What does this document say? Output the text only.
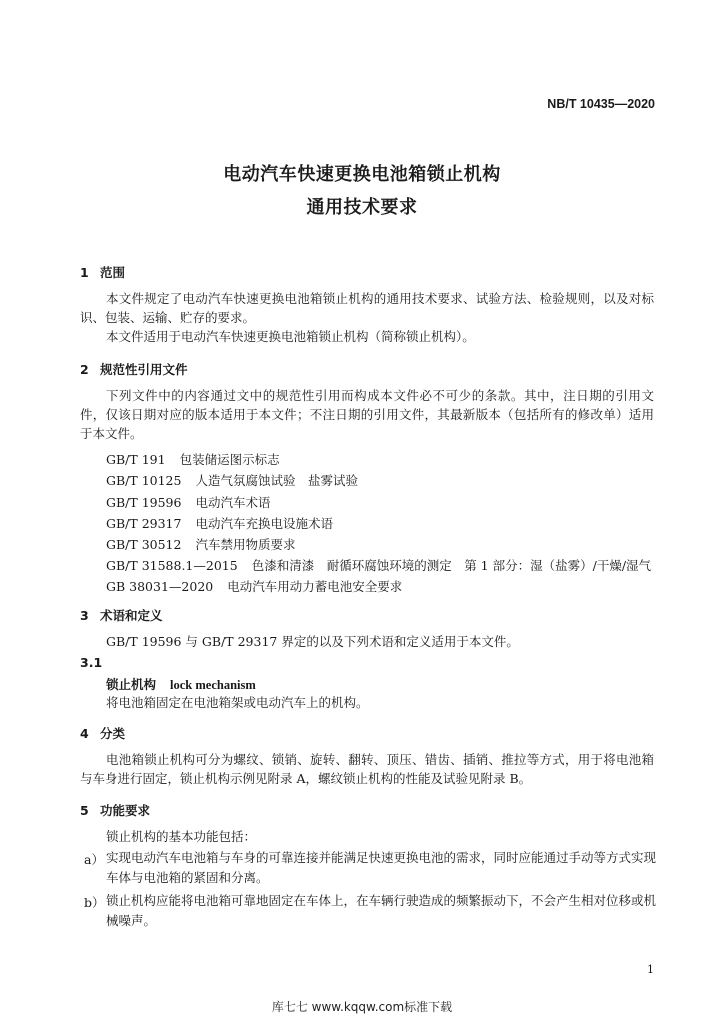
NB/T 10435—2020
电动汽车快速更换电池箱锁止机构
通用技术要求
1 范围
本文件规定了电动汽车快速更换电池箱锁止机构的通用技术要求、试验方法、检验规则，以及对标识、包装、运输、贮存的要求。
本文件适用于电动汽车快速更换电池箱锁止机构（简称锁止机构）。
2 规范性引用文件
下列文件中的内容通过文中的规范性引用而构成本文件必不可少的条款。其中，注日期的引用文件，仅该日期对应的版本适用于本文件；不注日期的引用文件，其最新版本（包括所有的修改单）适用于本文件。
GB/T 191 包装储运图示标志
GB/T 10125 人造气氛腐蚀试验　盐雾试验
GB/T 19596 电动汽车术语
GB/T 29317 电动汽车充换电设施术语
GB/T 30512 汽车禁用物质要求
GB/T 31588.1—2015 色漆和清漆　耐循环腐蚀环境的测定　第 1 部分：湿（盐雾）/干燥/湿气
GB 38031—2020 电动汽车用动力蓄电池安全要求
3 术语和定义
GB/T 19596 与 GB/T 29317 界定的以及下列术语和定义适用于本文件。
3.1
锁止机构 lock mechanism
将电池箱固定在电池箱架或电动汽车上的机构。
4 分类
电池箱锁止机构可分为螺纹、锁销、旋转、翻转、顶压、错齿、插销、推拉等方式，用于将电池箱与车身进行固定，锁止机构示例见附录 A，螺纹锁止机构的性能及试验见附录 B。
5 功能要求
锁止机构的基本功能包括：
a） 实现电动汽车电池箱与车身的可靠连接并能满足快速更换电池的需求，同时应能通过手动等方式实现车体与电池箱的紧固和分离。
b） 锁止机构应能将电池箱可靠地固定在车体上，在车辆行驶造成的频繁振动下，不会产生相对位移或机械噪声。
1
库七七 www.kqqw.com标准下载
